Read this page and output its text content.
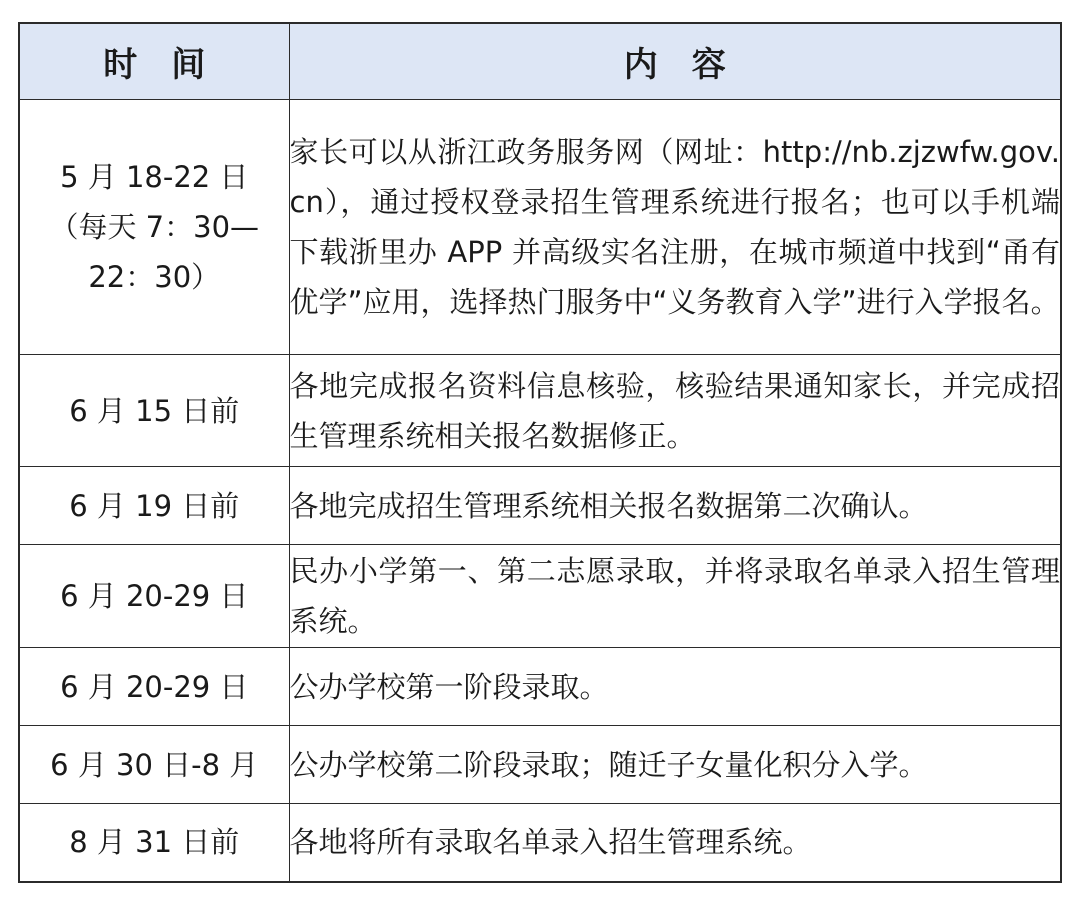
时　间	内　容

5 月 18-22 日
（每天 7：30—
22：30）	家长可以从浙江政务服务网（网址：http://nb.zjzwfw.gov.cn），通过授权登录招生管理系统进行报名；也可以手机端下载浙里办 APP 并高级实名注册，在城市频道中找到“甬有优学”应用，选择热门服务中“义务教育入学”进行入学报名。

6 月 15 日前	各地完成报名资料信息核验，核验结果通知家长，并完成招生管理系统相关报名数据修正。

6 月 19 日前	各地完成招生管理系统相关报名数据第二次确认。

6 月 20-29 日	民办小学第一、第二志愿录取，并将录取名单录入招生管理系统。

6 月 20-29 日	公办学校第一阶段录取。

6 月 30 日-8 月	公办学校第二阶段录取；随迁子女量化积分入学。

8 月 31 日前	各地将所有录取名单录入招生管理系统。
